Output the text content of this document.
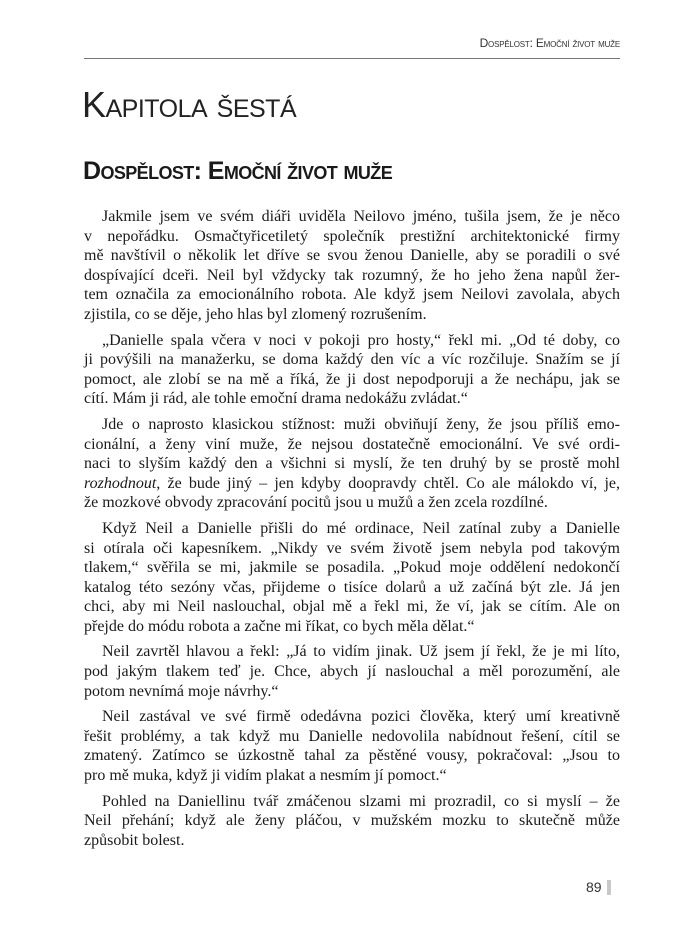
Dospělost: Emoční život muže
Kapitola šestá
Dospělost: Emoční život muže

Jakmile jsem ve svém diáři uviděla Neilovo jméno, tušila jsem, že je něco
v nepořádku. Osmačtyřicetiletý společník prestižní architektonické firmy
mě navštívil o několik let dříve se svou ženou Danielle, aby se poradili o své
dospívající dceři. Neil byl vždycky tak rozumný, že ho jeho žena napůl žer-
tem označila za emocionálního robota. Ale když jsem Neilovi zavolala, abych
zjistila, co se děje, jeho hlas byl zlomený rozrušením.

„Danielle spala včera v noci v pokoji pro hosty,“ řekl mi. „Od té doby, co
ji povýšili na manažerku, se doma každý den víc a víc rozčiluje. Snažím se jí
pomoct, ale zlobí se na mě a říká, že ji dost nepodporuji a že nechápu, jak se
cítí. Mám ji rád, ale tohle emoční drama nedokážu zvládat.“

Jde o naprosto klasickou stížnost: muži obviňují ženy, že jsou příliš emo-
cionální, a ženy viní muže, že nejsou dostatečně emocionální. Ve své ordi-
naci to slyším každý den a všichni si myslí, že ten druhý by se prostě mohl
rozhodnout, že bude jiný – jen kdyby doopravdy chtěl. Co ale málokdo ví, je,
že mozkové obvody zpracování pocitů jsou u mužů a žen zcela rozdílné.

Když Neil a Danielle přišli do mé ordinace, Neil zatínal zuby a Danielle
si otírala oči kapesníkem. „Nikdy ve svém životě jsem nebyla pod takovým
tlakem,“ svěřila se mi, jakmile se posadila. „Pokud moje oddělení nedokončí
katalog této sezóny včas, přijdeme o tisíce dolarů a už začíná být zle. Já jen
chci, aby mi Neil naslouchal, objal mě a řekl mi, že ví, jak se cítím. Ale on
přejde do módu robota a začne mi říkat, co bych měla dělat.“

Neil zavrtěl hlavou a řekl: „Já to vidím jinak. Už jsem jí řekl, že je mi líto,
pod jakým tlakem teď je. Chce, abych jí naslouchal a měl porozumění, ale
potom nevnímá moje návrhy.“

Neil zastával ve své firmě odedávna pozici člověka, který umí kreativně
řešit problémy, a tak když mu Danielle nedovolila nabídnout řešení, cítil se
zmatený. Zatímco se úzkostně tahal za pěstěné vousy, pokračoval: „Jsou to
pro mě muka, když ji vidím plakat a nesmím jí pomoct.“

Pohled na Daniellinu tvář zmáčenou slzami mi prozradil, co si myslí – že
Neil přehání; když ale ženy pláčou, v mužském mozku to skutečně může
způsobit bolest.

89
